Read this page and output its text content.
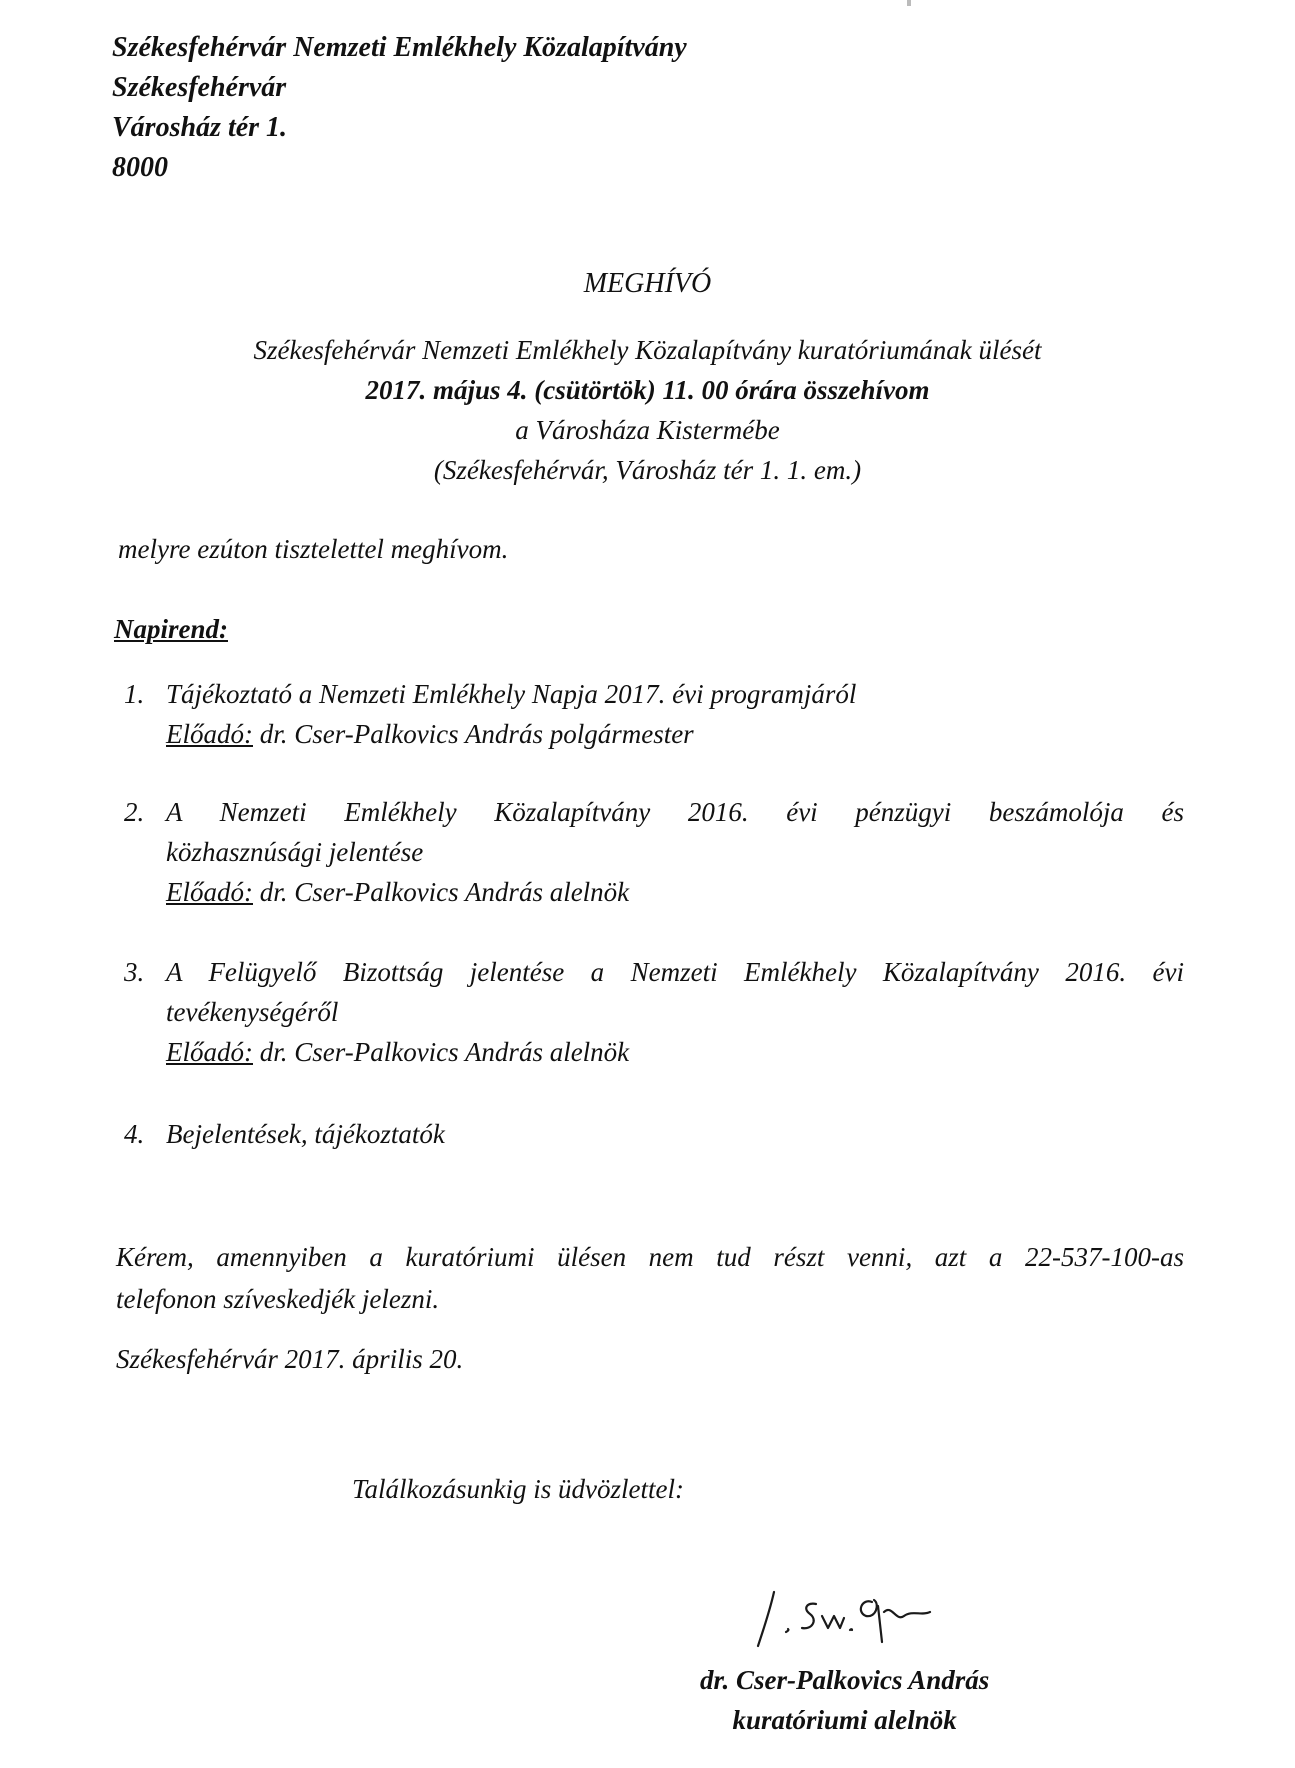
Székesfehérvár Nemzeti Emlékhely Közalapítvány
Székesfehérvár
Városház tér 1.
8000
MEGHÍVÓ
Székesfehérvár Nemzeti Emlékhely Közalapítvány kuratóriumának ülését
2017. május 4. (csütörtök) 11. 00 órára összehívom
a Városháza Kistermébe
(Székesfehérvár, Városház tér 1. 1. em.)
melyre ezúton tisztelettel meghívom.
Napirend:
1. Tájékoztató a Nemzeti Emlékhely Napja 2017. évi programjáról
Előadó: dr. Cser-Palkovics András polgármester
2. A Nemzeti Emlékhely Közalapítvány 2016. évi pénzügyi beszámolója és
közhasznúsági jelentése
Előadó: dr. Cser-Palkovics András alelnök
3. A Felügyelő Bizottság jelentése a Nemzeti Emlékhely Közalapítvány 2016. évi
tevékenységéről
Előadó: dr. Cser-Palkovics András alelnök
4. Bejelentések, tájékoztatók
Kérem, amennyiben a kuratóriumi ülésen nem tud részt venni, azt a 22-537-100-as
telefonon szíveskedjék jelezni.
Székesfehérvár 2017. április 20.
Találkozásunkig is üdvözlettel:
dr. Cser-Palkovics András
kuratóriumi alelnök
